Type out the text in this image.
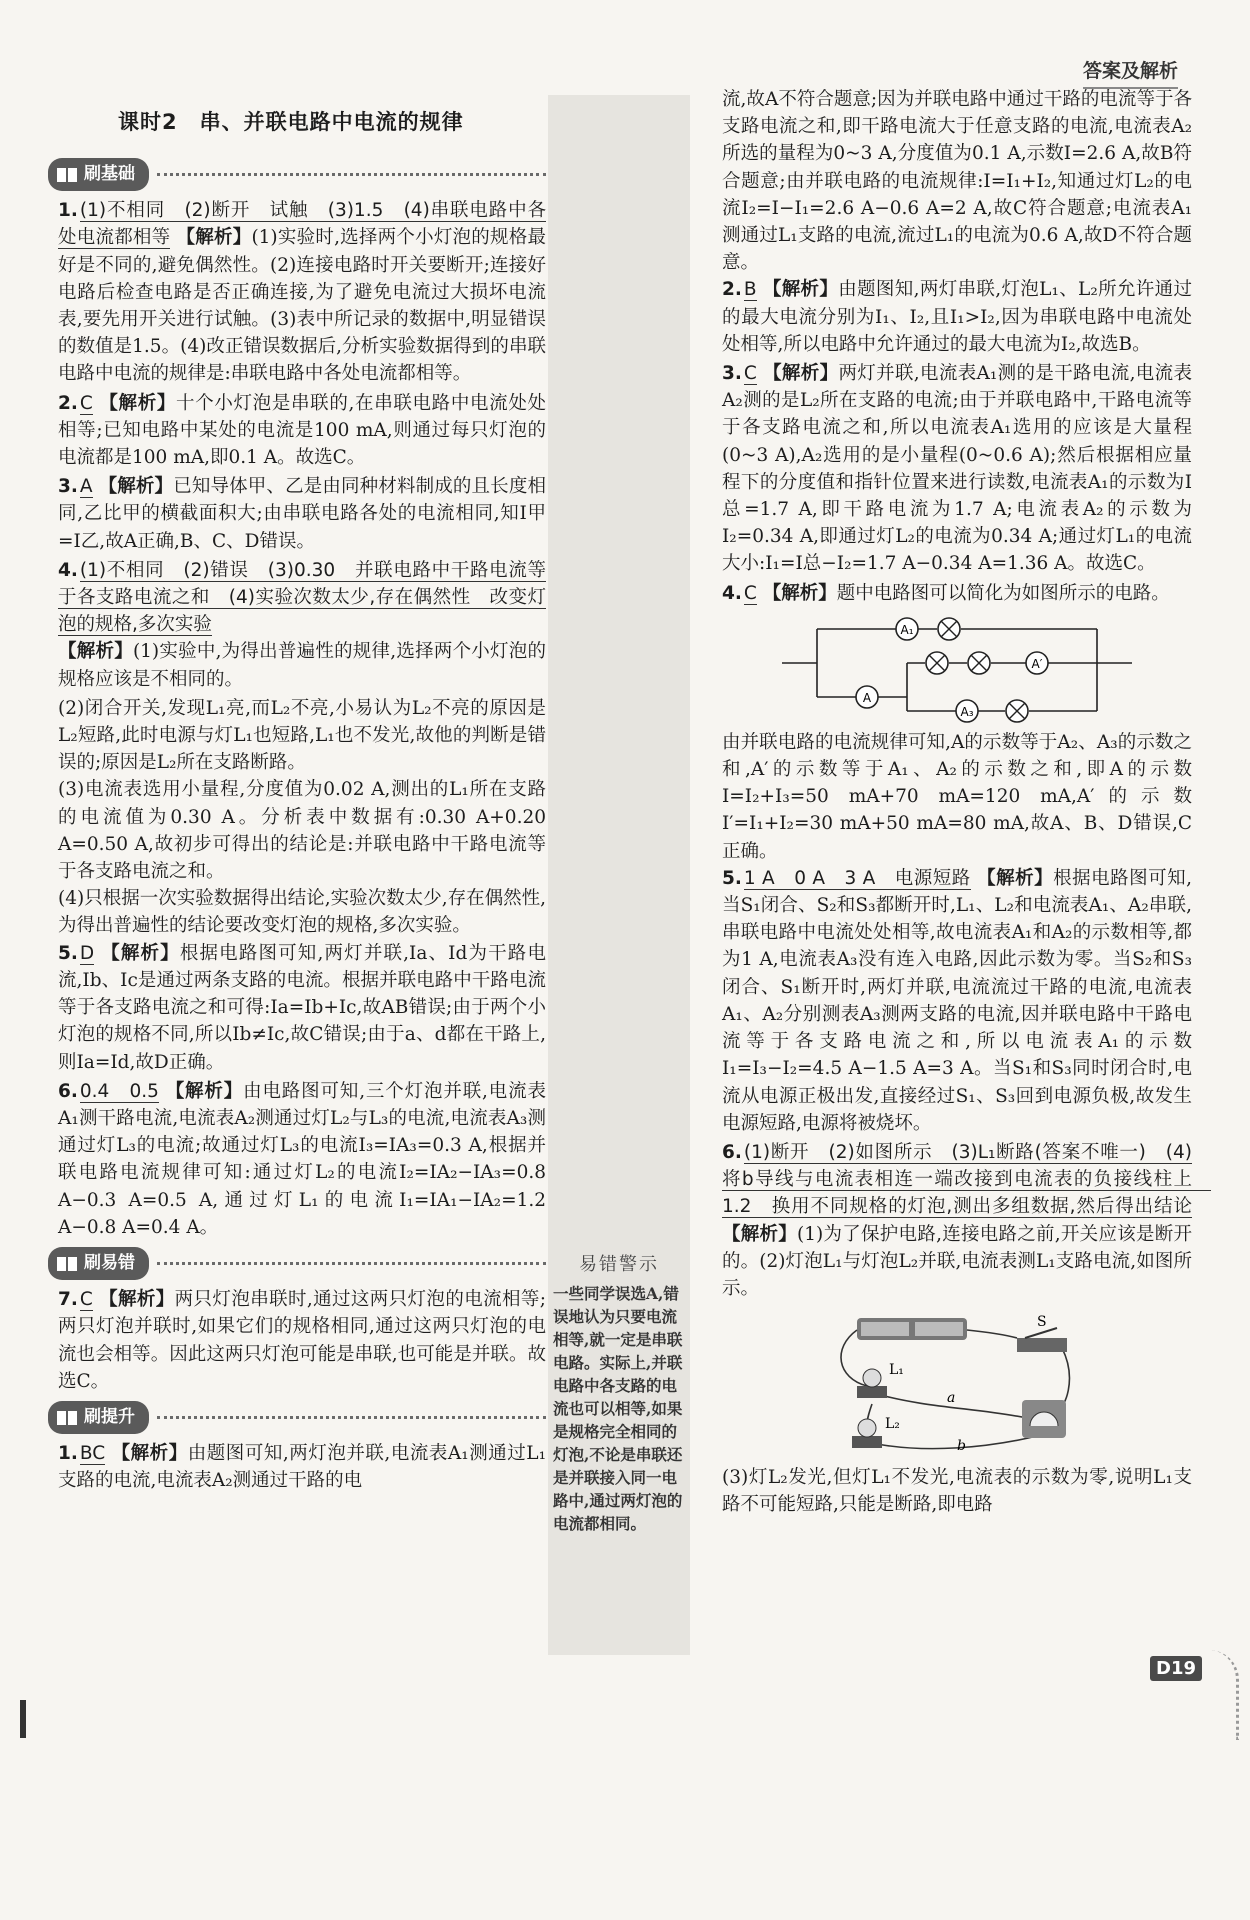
答案及解析
课时2　串、并联电路中电流的规律
刷基础

1. (1)不相同　(2)断开　试触　(3)1.5　(4)串联电路中各处电流都相等 【解析】(1)实验时,选择两个小灯泡的规格最好是不同的,避免偶然性。(2)连接电路时开关要断开;连接好电路后检查电路是否正确连接,为了避免电流过大损坏电流表,要先用开关进行试触。(3)表中所记录的数据中,明显错误的数值是1.5。(4)改正错误数据后,分析实验数据得到的串联电路中电流的规律是:串联电路中各处电流都相等。

2. C 【解析】十个小灯泡是串联的,在串联电路中电流处处相等;已知电路中某处的电流是100 mA,则通过每只灯泡的电流都是100 mA,即0.1 A。故选C。

3. A 【解析】已知导体甲、乙是由同种材料制成的且长度相同,乙比甲的横截面积大;由串联电路各处的电流相同,知I甲=I乙,故A正确,B、C、D错误。

4. (1)不相同　(2)错误　(3)0.30　并联电路中干路电流等于各支路电流之和　(4)实验次数太少,存在偶然性　改变灯泡的规格,多次实验
【解析】(1)实验中,为得出普遍性的规律,选择两个小灯泡的规格应该是不相同的。

(2)闭合开关,发现L₁亮,而L₂不亮,小易认为L₂不亮的原因是L₂短路,此时电源与灯L₁也短路,L₁也不发光,故他的判断是错误的;原因是L₂所在支路断路。

(3)电流表选用小量程,分度值为0.02 A,测出的L₁所在支路的电流值为0.30 A。分析表中数据有:0.30 A+0.20 A=0.50 A,故初步可得出的结论是:并联电路中干路电流等于各支路电流之和。

(4)只根据一次实验数据得出结论,实验次数太少,存在偶然性,为得出普遍性的结论要改变灯泡的规格,多次实验。

5. D 【解析】根据电路图可知,两灯并联,Ia、Id为干路电流,Ib、Ic是通过两条支路的电流。根据并联电路中干路电流等于各支路电流之和可得:Ia=Ib+Ic,故AB错误;由于两个小灯泡的规格不同,所以Ib≠Ic,故C错误;由于a、d都在干路上,则Ia=Id,故D正确。

6. 0.4　0.5 【解析】由电路图可知,三个灯泡并联,电流表A₁测干路电流,电流表A₂测通过灯L₂与L₃的电流,电流表A₃测通过灯L₃的电流;故通过灯L₃的电流I₃=IA₃=0.3 A,根据并联电路电流规律可知:通过灯L₂的电流I₂=IA₂−IA₃=0.8 A−0.3 A=0.5 A,通过灯L₁的电流I₁=IA₁−IA₂=1.2 A−0.8 A=0.4 A。

刷易错

7. C 【解析】两只灯泡串联时,通过这两只灯泡的电流相等;两只灯泡并联时,如果它们的规格相同,通过这两只灯泡的电流也会相等。因此这两只灯泡可能是串联,也可能是并联。故选C。

刷提升

1. BC 【解析】由题图可知,两灯泡并联,电流表A₁测通过L₁支路的电流,电流表A₂测通过干路的电

易错警示
一些同学误选A,错误地认为只要电流相等,就一定是串联电路。实际上,并联电路中各支路的电流也可以相等,如果是规格完全相同的灯泡,不论是串联还是并联接入同一电路中,通过两灯泡的电流都相同。

流,故A不符合题意;因为并联电路中通过干路的电流等于各支路电流之和,即干路电流大于任意支路的电流,电流表A₂所选的量程为0~3 A,分度值为0.1 A,示数I=2.6 A,故B符合题意;由并联电路的电流规律:I=I₁+I₂,知通过灯L₂的电流I₂=I−I₁=2.6 A−0.6 A=2 A,故C符合题意;电流表A₁测通过L₁支路的电流,流过L₁的电流为0.6 A,故D不符合题意。

2. B 【解析】由题图知,两灯串联,灯泡L₁、L₂所允许通过的最大电流分别为I₁、I₂,且I₁>I₂,因为串联电路中电流处处相等,所以电路中允许通过的最大电流为I₂,故选B。

3. C 【解析】两灯并联,电流表A₁测的是干路电流,电流表A₂测的是L₂所在支路的电流;由于并联电路中,干路电流等于各支路电流之和,所以电流表A₁选用的应该是大量程(0~3 A),A₂选用的是小量程(0~0.6 A);然后根据相应量程下的分度值和指针位置来进行读数,电流表A₁的示数为I总=1.7 A,即干路电流为1.7 A;电流表A₂的示数为I₂=0.34 A,即通过灯L₂的电流为0.34 A;通过灯L₁的电流大小:I₁=I总−I₂=1.7 A−0.34 A=1.36 A。故选C。

4. C 【解析】题中电路图可以简化为如图所示的电路。

A₁
A′
A
A₃

由并联电路的电流规律可知,A的示数等于A₂、A₃的示数之和,A′的示数等于A₁、A₂的示数之和,即A的示数I=I₂+I₃=50 mA+70 mA=120 mA,A′的示数I′=I₁+I₂=30 mA+50 mA=80 mA,故A、B、D错误,C正确。

5. 1 A　0 A　3 A　电源短路 【解析】根据电路图可知,当S₁闭合、S₂和S₃都断开时,L₁、L₂和电流表A₁、A₂串联,串联电路中电流处处相等,故电流表A₁和A₂的示数相等,都为1 A,电流表A₃没有连入电路,因此示数为零。当S₂和S₃闭合、S₁断开时,两灯并联,电流流过干路的电流,电流表A₁、A₂分别测表A₃测两支路的电流,因并联电路中干路电流等于各支路电流之和,所以电流表A₁的示数I₁=I₃−I₂=4.5 A−1.5 A=3 A。当S₁和S₃同时闭合时,电流从电源正极出发,直接经过S₁、S₃回到电源负极,故发生电源短路,电源将被烧坏。

6. (1)断开　(2)如图所示　(3)L₁断路(答案不唯一)　(4)将b导线与电流表相连一端改接到电流表的负接线柱上　1.2　换用不同规格的灯泡,测出多组数据,然后得出结论 【解析】(1)为了保护电路,连接电路之前,开关应该是断开的。(2)灯泡L₁与灯泡L₂并联,电流表测L₁支路电流,如图所示。

S
L₁
L₂
a
b

(3)灯L₂发光,但灯L₁不发光,电流表的示数为零,说明L₁支路不可能短路,只能是断路,即电路

D19
